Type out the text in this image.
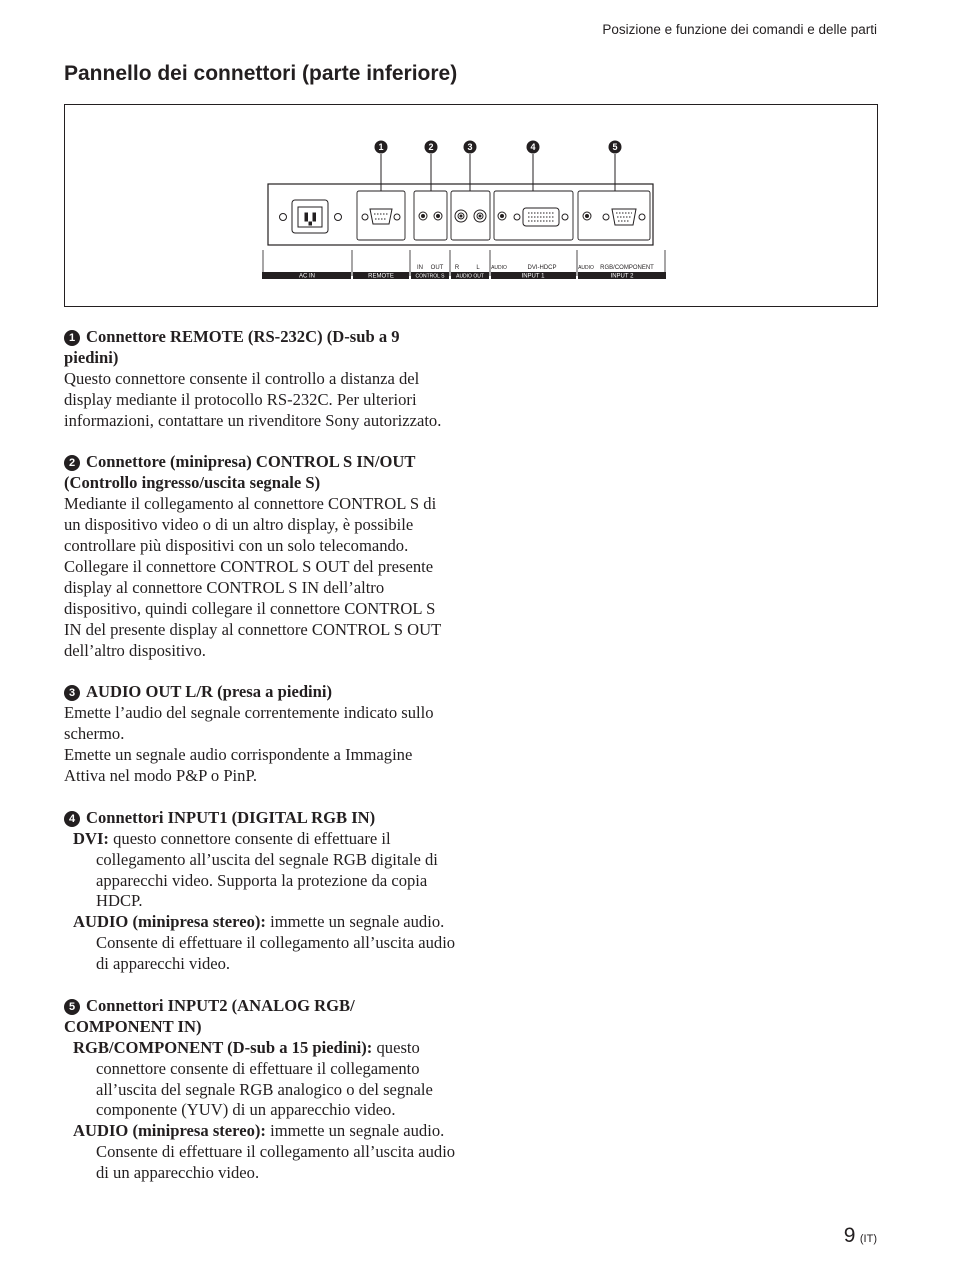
Posizione e funzione dei comandi e delle parti
Pannello dei connettori (parte inferiore)
1	2	3	4	5
IN OUT R	L AUDIO	DVI-HDCP	AUDIO RGB/COMPONENT
AC IN	REMOTE	CONTROL S AUDIO OUT	INPUT 1	INPUT 2
1 Connettore REMOTE (RS-232C) (D-sub a 9 piedini)
Questo connettore consente il controllo a distanza del display mediante il protocollo RS-232C. Per ulteriori informazioni, contattare un rivenditore Sony autorizzato.
2 Connettore (minipresa) CONTROL S IN/OUT (Controllo ingresso/uscita segnale S)
Mediante il collegamento al connettore CONTROL S di un dispositivo video o di un altro display, è possibile controllare più dispositivi con un solo telecomando. Collegare il connettore CONTROL S OUT del presente display al connettore CONTROL S IN dell’altro dispositivo, quindi collegare il connettore CONTROL S IN del presente display al connettore CONTROL S OUT dell’altro dispositivo.
3 AUDIO OUT L/R (presa a piedini)
Emette l’audio del segnale correntemente indicato sullo schermo.
Emette un segnale audio corrispondente a Immagine Attiva nel modo P&P o PinP.
4 Connettori INPUT1 (DIGITAL RGB IN)
DVI: questo connettore consente di effettuare il collegamento all’uscita del segnale RGB digitale di apparecchi video. Supporta la protezione da copia HDCP.
AUDIO (minipresa stereo): immette un segnale audio. Consente di effettuare il collegamento all’uscita audio di apparecchi video.
5 Connettori INPUT2 (ANALOG RGB/ COMPONENT IN)
RGB/COMPONENT (D-sub a 15 piedini): questo connettore consente di effettuare il collegamento all’uscita del segnale RGB analogico o del segnale componente (YUV) di un apparecchio video.
AUDIO (minipresa stereo): immette un segnale audio. Consente di effettuare il collegamento all’uscita audio di un apparecchio video.
9 (IT)
